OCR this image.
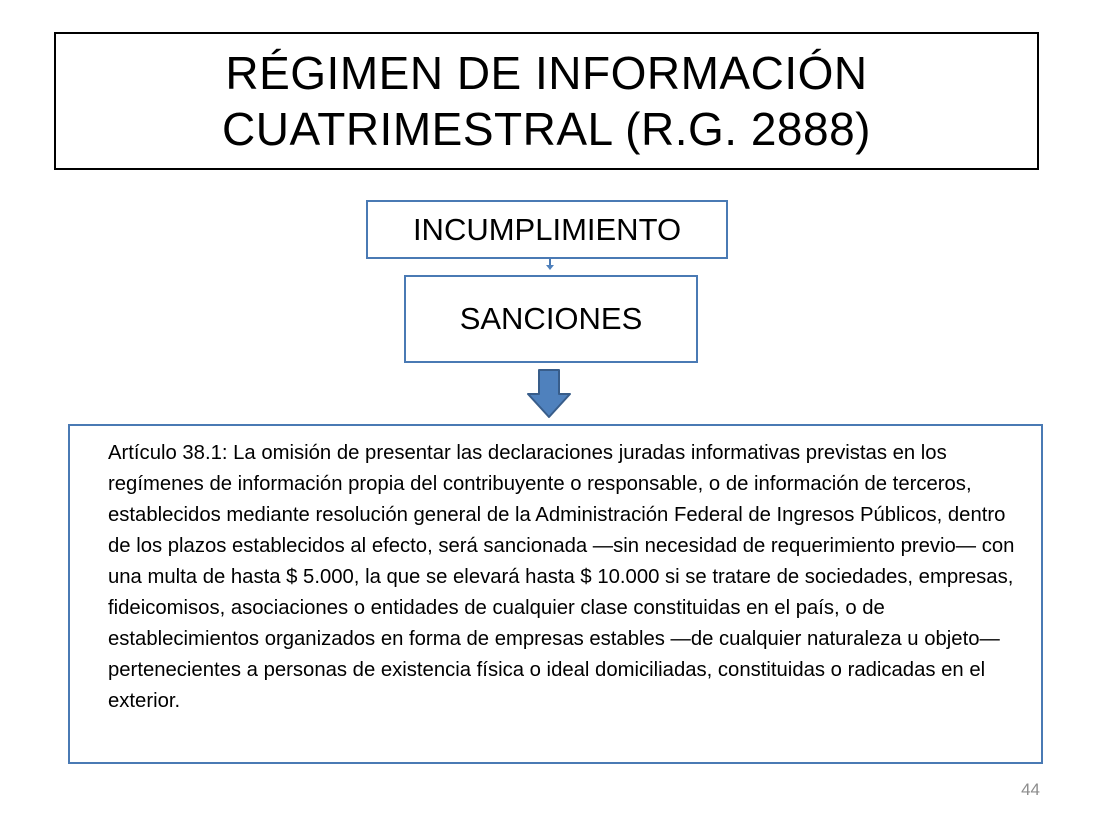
RÉGIMEN DE INFORMACIÓN CUATRIMESTRAL (R.G. 2888)
INCUMPLIMIENTO
SANCIONES

Artículo 38.1: La omisión de presentar las declaraciones juradas informativas previstas en los regímenes de información propia del contribuyente o responsable, o de información de terceros, establecidos mediante resolución general de la Administración Federal de Ingresos Públicos, dentro de los plazos establecidos al efecto, será sancionada —sin necesidad de requerimiento previo— con una multa de hasta $ 5.000, la que se elevará hasta $ 10.000 si se tratare de sociedades, empresas, fideicomisos, asociaciones o entidades de cualquier clase constituidas en el país, o de establecimientos organizados en forma de empresas estables —de cualquier naturaleza u objeto— pertenecientes a personas de existencia física o ideal domiciliadas, constituidas o radicadas en el exterior.

44
